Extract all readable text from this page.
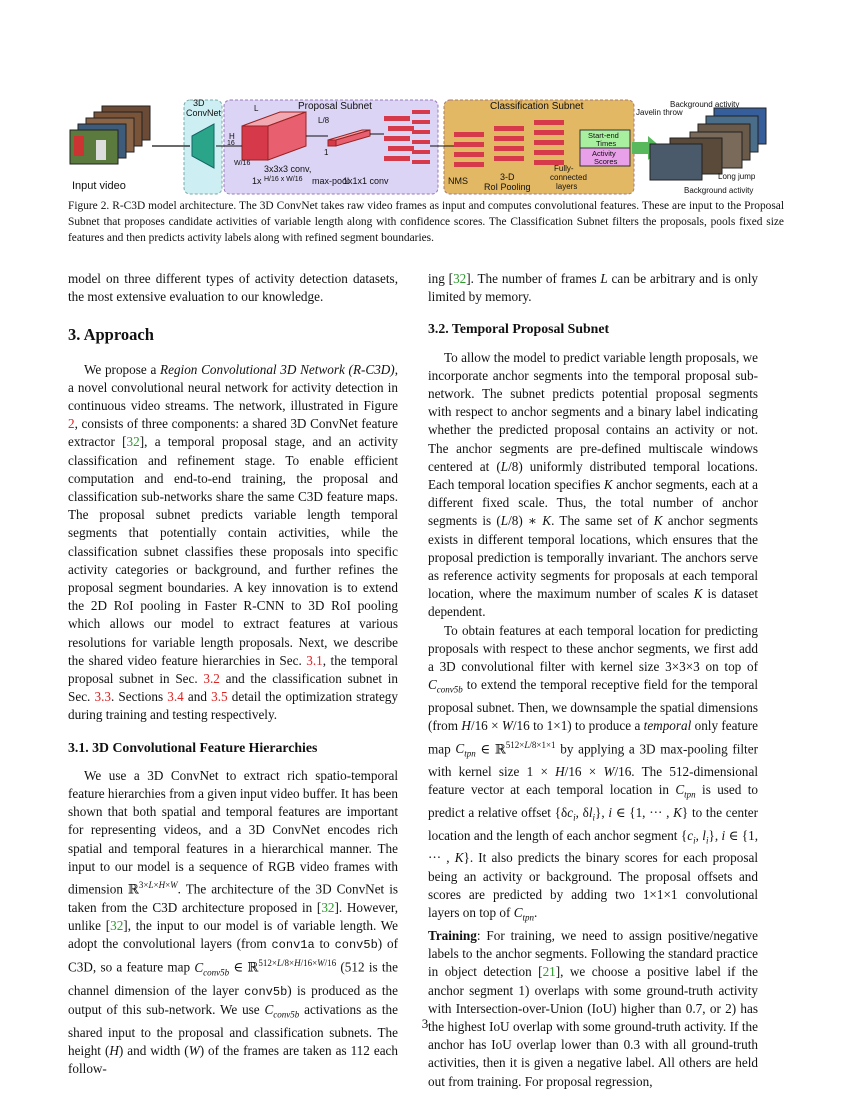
Input video
3D
ConvNet
Proposal Subnet
3x3x3 conv,
1x H/16 x W/16 max-pool
1x1x1 conv
L
H
16
W/16
L/8
1
Classification Subnet
NMS	3-D
RoI Pooling
Fully-
connected
layers
Start-end
Times
Activity
Scores
Background activity
Javelin throw
Long jump
Background activity
Figure 2. R-C3D model architecture. The 3D ConvNet takes raw video frames as input and computes convolutional features. These are input to the Proposal Subnet that proposes candidate activities of variable length along with confidence scores. The Classification Subnet filters the proposals, pools fixed size features and then predicts activity labels along with refined segment boundaries.

model on three different types of activity detection datasets, the most extensive evaluation to our knowledge.

3. Approach

We propose a Region Convolutional 3D Network (R-C3D), a novel convolutional neural network for activity detection in continuous video streams. The network, illustrated in Figure 2, consists of three components: a shared 3D ConvNet feature extractor [32], a temporal proposal stage, and an activity classification and refinement stage. To enable efficient computation and end-to-end training, the proposal and classification sub-networks share the same C3D feature maps. The proposal subnet predicts variable length temporal segments that potentially contain activities, while the classification subnet classifies these proposals into specific activity categories or background, and further refines the proposal segment boundaries. A key innovation is to extend the 2D RoI pooling in Faster R-CNN to 3D RoI pooling which allows our model to extract features at various resolutions for variable length proposals. Next, we describe the shared video feature hierarchies in Sec. 3.1, the temporal proposal subnet in Sec. 3.2 and the classification subnet in Sec. 3.3. Sections 3.4 and 3.5 detail the optimization strategy during training and testing respectively.

3.1. 3D Convolutional Feature Hierarchies

We use a 3D ConvNet to extract rich spatio-temporal feature hierarchies from a given input video buffer. It has been shown that both spatial and temporal features are important for representing videos, and a 3D ConvNet encodes rich spatial and temporal features in a hierarchical manner. The input to our model is a sequence of RGB video frames with dimension ℝ$^{3\times L\times H\times W}$. The architecture of the 3D ConvNet is taken from the C3D architecture proposed in [32]. However, unlike [32], the input to our model is of variable length. We adopt the convolutional layers (from conv1a to conv5b) of C3D, so a feature map $C_{conv5b}$ ∈ ℝ$^{512\times L/8\times H/16\times W/16}$ (512 is the channel dimension of the layer conv5b) is produced as the output of this sub-network. We use $C_{conv5b}$ activations as the shared input to the proposal and classification subnets. The height (H) and width (W) of the frames are taken as 112 each follow-

ing [32]. The number of frames L can be arbitrary and is only limited by memory.

3.2. Temporal Proposal Subnet

To allow the model to predict variable length proposals, we incorporate anchor segments into the temporal proposal sub-network. The subnet predicts potential proposal segments with respect to anchor segments and a binary label indicating whether the predicted proposal contains an activity or not. The anchor segments are pre-defined multiscale windows centered at (L/8) uniformly distributed temporal locations. Each temporal location specifies K anchor segments, each at a different fixed scale. Thus, the total number of anchor segments is (L/8) ∗ K. The same set of K anchor segments exists in different temporal locations, which ensures that the proposal prediction is temporally invariant. The anchors serve as reference activity segments for proposals at each temporal location, where the maximum number of scales K is dataset dependent.

To obtain features at each temporal location for predicting proposals with respect to these anchor segments, we first add a 3D convolutional filter with kernel size 3×3×3 on top of $C_{conv5b}$ to extend the temporal receptive field for the temporal proposal subnet. Then, we downsample the spatial dimensions (from H/16 × W/16 to 1×1) to produce a temporal only feature map $C_{tpn}$ ∈ ℝ$^{512\times L/8\times 1\times 1}$ by applying a 3D max-pooling filter with kernel size 1 × H/16 × W/16. The 512-dimensional feature vector at each temporal location in $C_{tpn}$ is used to predict a relative offset {$\delta c_i$, $\delta l_i$}, i ∈ {1, ··· , K} to the center location and the length of each anchor segment {$c_i$, $l_i$}, i ∈ {1, ··· , K}. It also predicts the binary scores for each proposal being an activity or background. The proposal offsets and scores are predicted by adding two 1×1×1 convolutional layers on top of $C_{tpn}$.

Training: For training, we need to assign positive/negative labels to the anchor segments. Following the standard practice in object detection [21], we choose a positive label if the anchor segment 1) overlaps with some ground-truth activity with Intersection-over-Union (IoU) higher than 0.7, or 2) has the highest IoU overlap with some ground-truth activity. If the anchor has IoU overlap lower than 0.3 with all ground-truth activities, then it is given a negative label. All others are held out from training. For proposal regression,

3
